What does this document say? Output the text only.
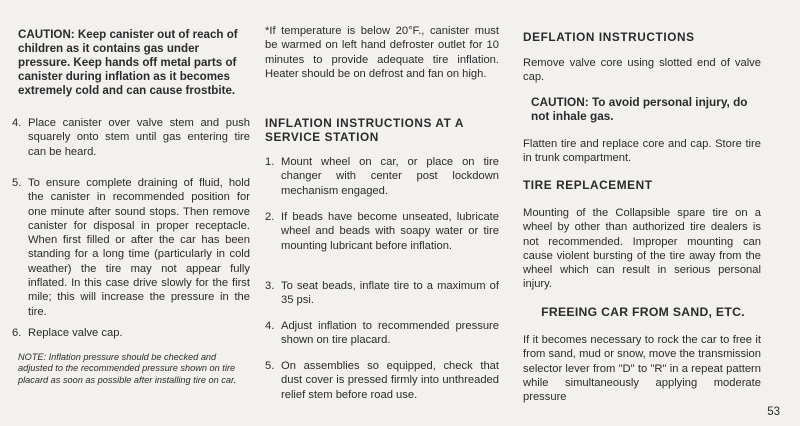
CAUTION: Keep canister out of reach of children as it contains gas under pressure. Keep hands off metal parts of canister during inflation as it becomes extremely cold and can cause frostbite.
4. Place canister over valve stem and push squarely onto stem until gas entering tire can be heard.
5. To ensure complete draining of fluid, hold the canister in recommended position for one minute after sound stops. Then remove canister for disposal in proper receptacle. When first filled or after the car has been standing for a long time (particularly in cold weather) the tire may not appear fully inflated. In this case drive slowly for the first mile; this will increase the pressure in the tire.
6. Replace valve cap.
NOTE: Inflation pressure should be checked and adjusted to the recommended pressure shown on tire placard as soon as possible after installing tire on car.
*If temperature is below 20°F., canister must be warmed on left hand defroster outlet for 10 minutes to provide adequate tire inflation. Heater should be on defrost and fan on high.
INFLATION INSTRUCTIONS AT A SERVICE STATION
1. Mount wheel on car, or place on tire changer with center post lockdown mechanism engaged.
2. If beads have become unseated, lubricate wheel and beads with soapy water or tire mounting lubricant before inflation.
3. To seat beads, inflate tire to a maximum of 35 psi.
4. Adjust inflation to recommended pressure shown on tire placard.
5. On assemblies so equipped, check that dust cover is pressed firmly into unthreaded relief stem before road use.
DEFLATION INSTRUCTIONS
Remove valve core using slotted end of valve cap.
CAUTION: To avoid personal injury, do not inhale gas.
Flatten tire and replace core and cap. Store tire in trunk compartment.
TIRE REPLACEMENT
Mounting of the Collapsible spare tire on a wheel by other than authorized tire dealers is not recommended. Improper mounting can cause violent bursting of the tire away from the wheel which can result in serious personal injury.
FREEING CAR FROM SAND, ETC.
If it becomes necessary to rock the car to free it from sand, mud or snow, move the transmission selector lever from "D" to "R" in a repeat pattern while simultaneously applying moderate pressure
53
